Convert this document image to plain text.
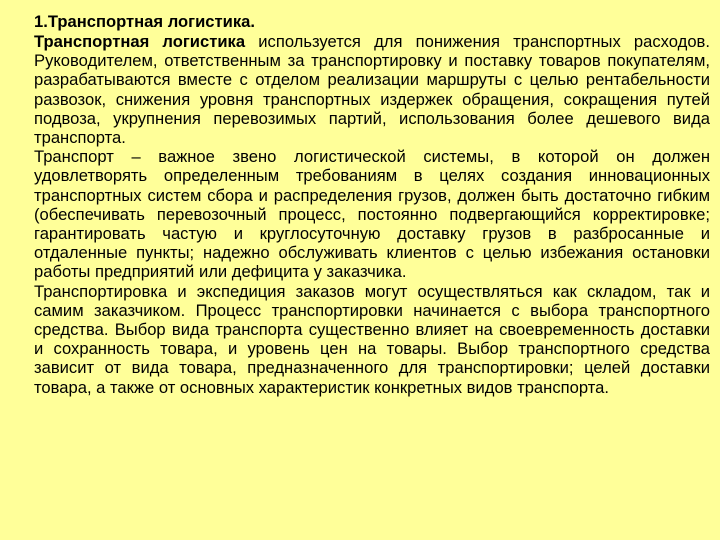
1.Транспортная логистика.

Транспортная логистика используется для понижения транспортных расходов. Руководителем, ответственным за транспортировку и поставку товаров покупателям, разрабатываются вместе с отделом реализации маршруты с целью рентабельности развозок, снижения уровня транспортных издержек обращения, сокращения путей подвоза, укрупнения перевозимых партий, использования более дешевого вида транспорта.

Транспорт – важное звено логистической системы, в которой он должен удовлетворять определенным требованиям в целях создания инновационных транспортных систем сбора и распределения грузов, должен быть достаточно гибким (обеспечивать перевозочный процесс, постоянно подвергающийся корректировке; гарантировать частую и круглосуточную доставку грузов в разбросанные и отдаленные пункты; надежно обслуживать клиентов с целью избежания остановки работы предприятий или дефицита у заказчика.

Транспортировка и экспедиция заказов могут осуществляться как складом, так и самим заказчиком. Процесс транспортировки начинается с выбора транспортного средства. Выбор вида транспорта существенно влияет на своевременность доставки и сохранность товара, и уровень цен на товары. Выбор транспортного средства зависит от вида товара, предназначенного для транспортировки; целей доставки товара, а также от основных характеристик конкретных видов транспорта.
